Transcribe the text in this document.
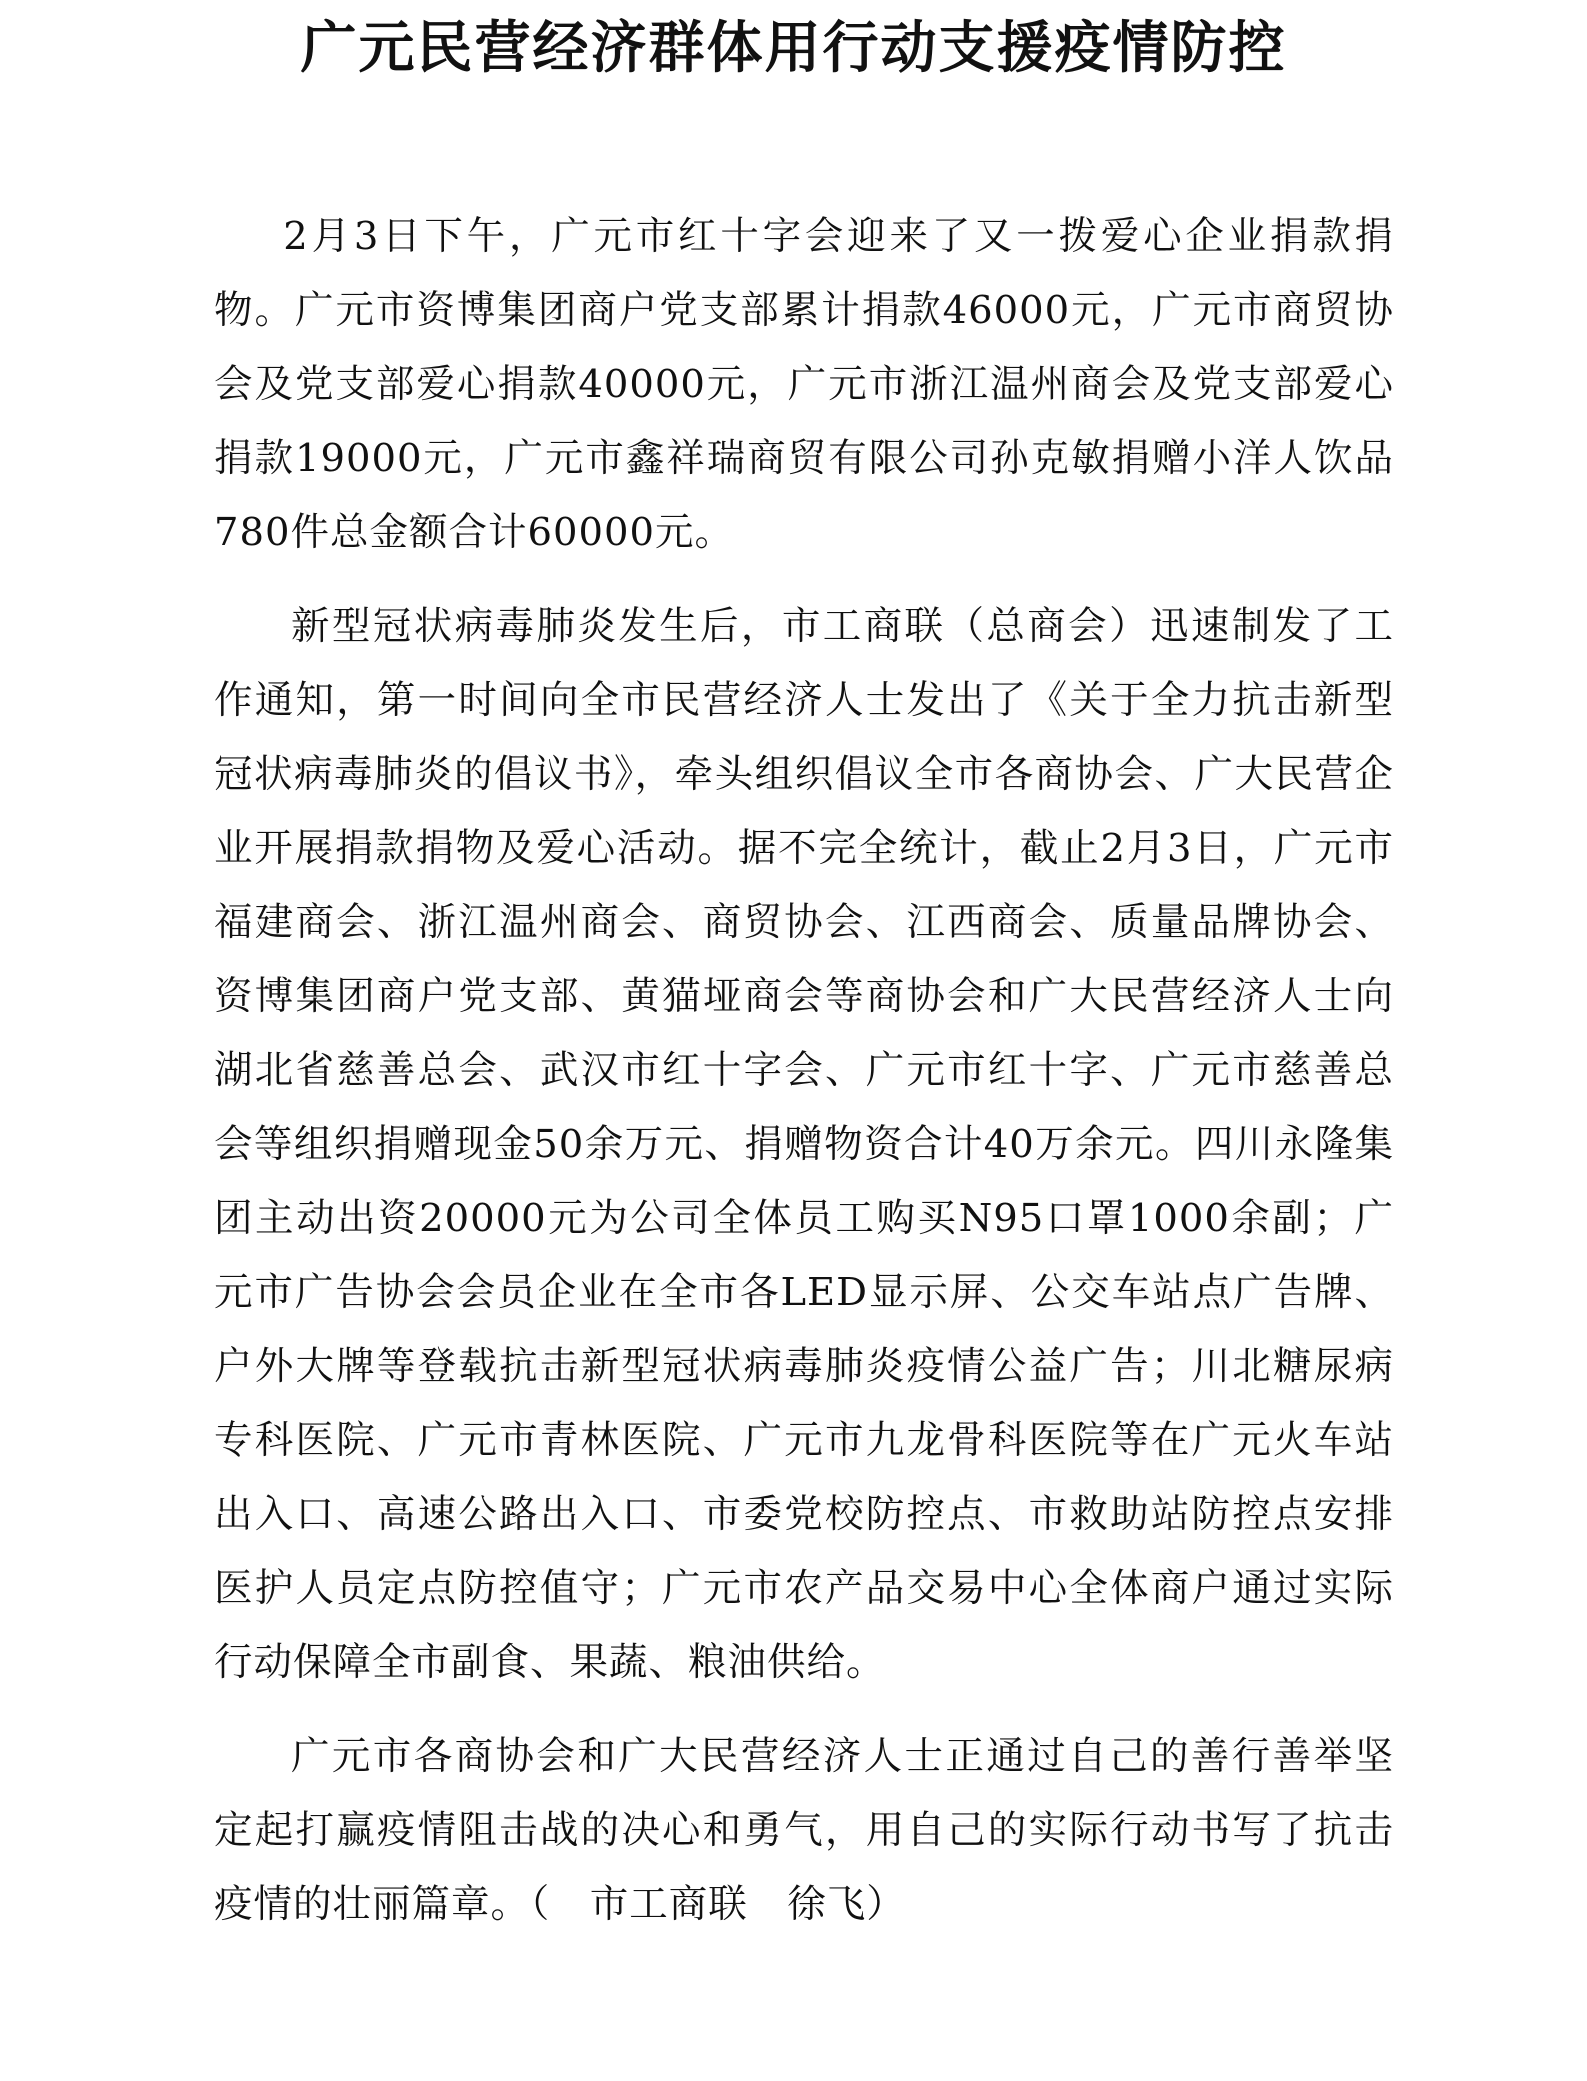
广元民营经济群体用行动支援疫情防控

2月3日下午，广元市红十字会迎来了又一拨爱心企业捐款捐物。广元市资博集团商户党支部累计捐款46000元，广元市商贸协会及党支部爱心捐款40000元，广元市浙江温州商会及党支部爱心捐款19000元，广元市鑫祥瑞商贸有限公司孙克敏捐赠小洋人饮品780件总金额合计60000元。

新型冠状病毒肺炎发生后，市工商联（总商会）迅速制发了工作通知，第一时间向全市民营经济人士发出了《关于全力抗击新型冠状病毒肺炎的倡议书》，牵头组织倡议全市各商协会、广大民营企业开展捐款捐物及爱心活动。据不完全统计，截止2月3日，广元市福建商会、浙江温州商会、商贸协会、江西商会、质量品牌协会、资博集团商户党支部、黄猫垭商会等商协会和广大民营经济人士向湖北省慈善总会、武汉市红十字会、广元市红十字、广元市慈善总会等组织捐赠现金50余万元、捐赠物资合计40万余元。四川永隆集团主动出资20000元为公司全体员工购买N95口罩1000余副；广元市广告协会会员企业在全市各LED显示屏、公交车站点广告牌、户外大牌等登载抗击新型冠状病毒肺炎疫情公益广告；川北糖尿病专科医院、广元市青林医院、广元市九龙骨科医院等在广元火车站出入口、高速公路出入口、市委党校防控点、市救助站防控点安排医护人员定点防控值守；广元市农产品交易中心全体商户通过实际行动保障全市副食、果蔬、粮油供给。

广元市各商协会和广大民营经济人士正通过自己的善行善举坚定起打赢疫情阻击战的决心和勇气，用自己的实际行动书写了抗击疫情的壮丽篇章。（　市工商联　徐飞）
